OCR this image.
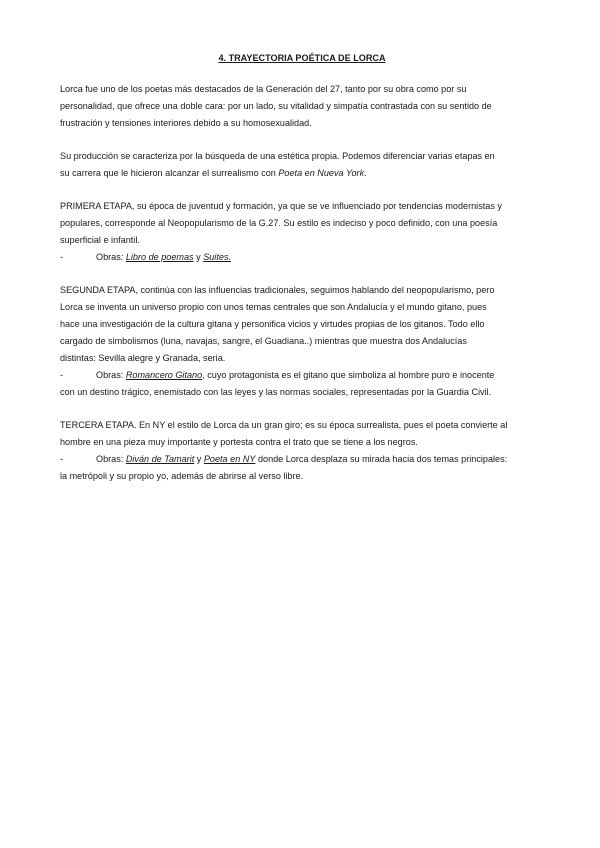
4. TRAYECTORIA POÉTICA DE LORCA

Lorca fue uno de los poetas más destacados de la Generación del 27, tanto por su obra como por su

personalidad, que ofrece una doble cara: por un lado, su vitalidad y simpatía contrastada con su sentido de

frustración y tensiones interiores debido a su homosexualidad.

Su producción se caracteriza por la búsqueda de una estética propia. Podemos diferenciar varias etapas en

su carrera que le hicieron alcanzar el surrealismo con Poeta en Nueva York.

PRIMERA ETAPA, su época de juventud y formación, ya que se ve influenciado por tendencias modernistas y

populares, corresponde al Neopopularismo de la G.27. Su estilo es indeciso y poco definido, con una poesía

superficial e infantil.

-	Obras: Libro de poemas y Suites.

SEGUNDA ETAPA, continúa con las influencias tradicionales, seguimos hablando del neopopularismo, pero

Lorca se inventa un universo propio con unos temas centrales que son Andalucía y el mundo gitano, pues

hace una investigación de la cultura gitana y personifica vicios y virtudes propias de los gitanos. Todo ello

cargado de simbolismos (luna, navajas, sangre, el Guadiana..) mientras que muestra dos Andalucías

distintas: Sevilla alegre y Granada, seria.

-	Obras: Romancero Gitano, cuyo protagonista es el gitano que simboliza al hombre puro e inocente

con un destino trágico, enemistado con las leyes y las normas sociales, representadas por la Guardia Civil.

TERCERA ETAPA. En NY el estilo de Lorca da un gran giro; es su época surrealista, pues el poeta convierte al

hombre en una pieza muy importante y portesta contra el trato que se tiene a los negros.

-	Obras: Diván de Tamarit y Poeta en NY donde Lorca desplaza su mirada hacia dos temas principales:

la metrópoli y su propio yo, además de abrirse al verso libre.
